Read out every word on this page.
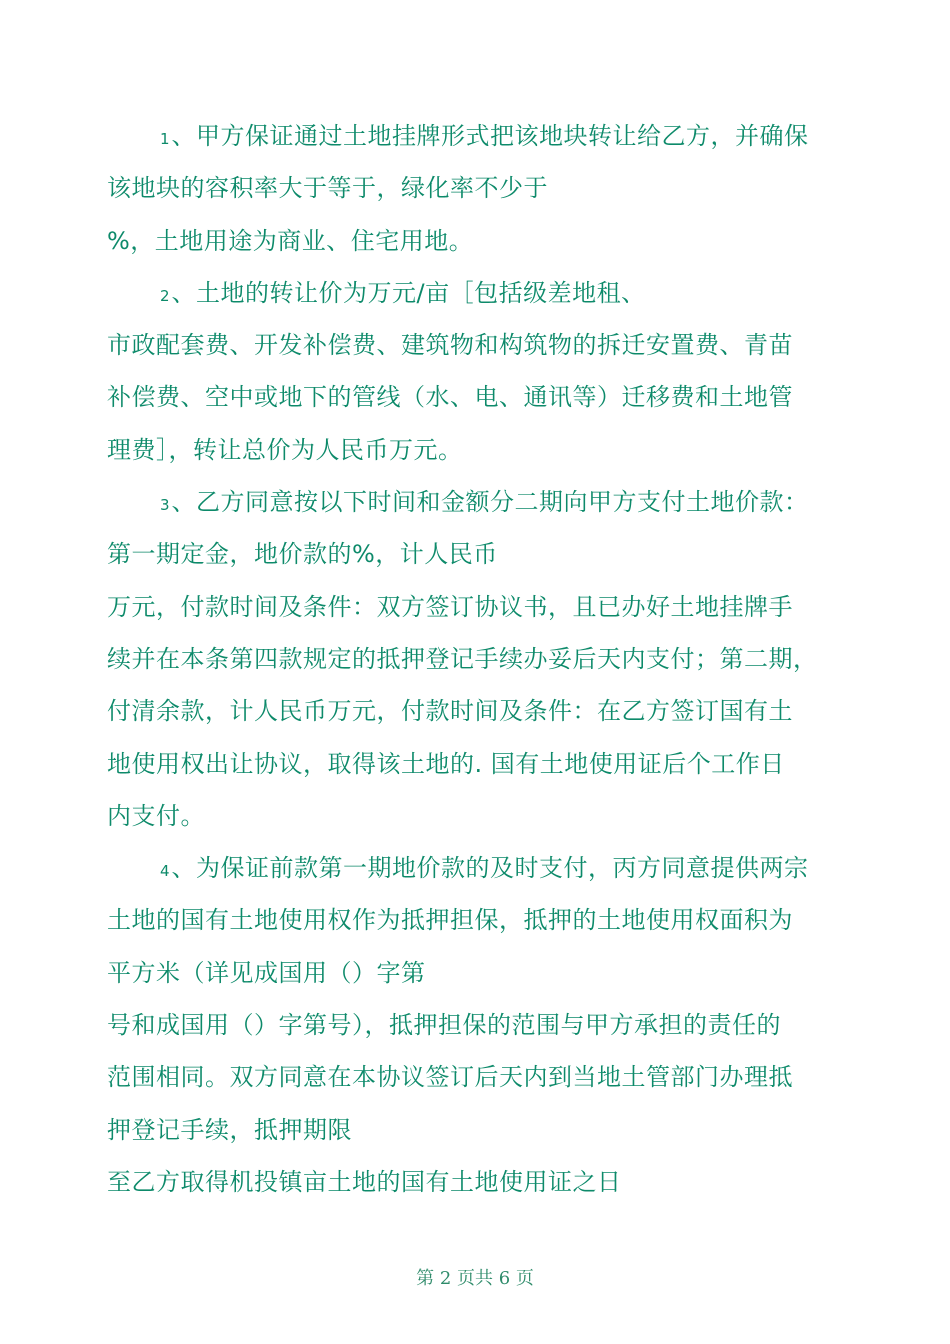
1、甲方保证通过土地挂牌形式把该地块转让给乙方，并确保
该地块的容积率大于等于，绿化率不少于
%，土地用途为商业、住宅用地。
2、土地的转让价为万元/亩［包括级差地租、
市政配套费、开发补偿费、建筑物和构筑物的拆迁安置费、青苗
补偿费、空中或地下的管线（水、电、通讯等）迁移费和土地管
理费］，转让总价为人民币万元。
3、乙方同意按以下时间和金额分二期向甲方支付土地价款：
第一期定金，地价款的%，计人民币
万元，付款时间及条件：双方签订协议书，且已办好土地挂牌手
续并在本条第四款规定的抵押登记手续办妥后天内支付；第二期，
付清余款，计人民币万元，付款时间及条件：在乙方签订国有土
地使用权出让协议，取得该土地的. 国有土地使用证后个工作日
内支付。
4、为保证前款第一期地价款的及时支付，丙方同意提供两宗
土地的国有土地使用权作为抵押担保，抵押的土地使用权面积为
平方米（详见成国用（）字第
号和成国用（）字第号），抵押担保的范围与甲方承担的责任的
范围相同。双方同意在本协议签订后天内到当地土管部门办理抵
押登记手续，抵押期限
至乙方取得机投镇亩土地的国有土地使用证之日
第 2 页共 6 页
